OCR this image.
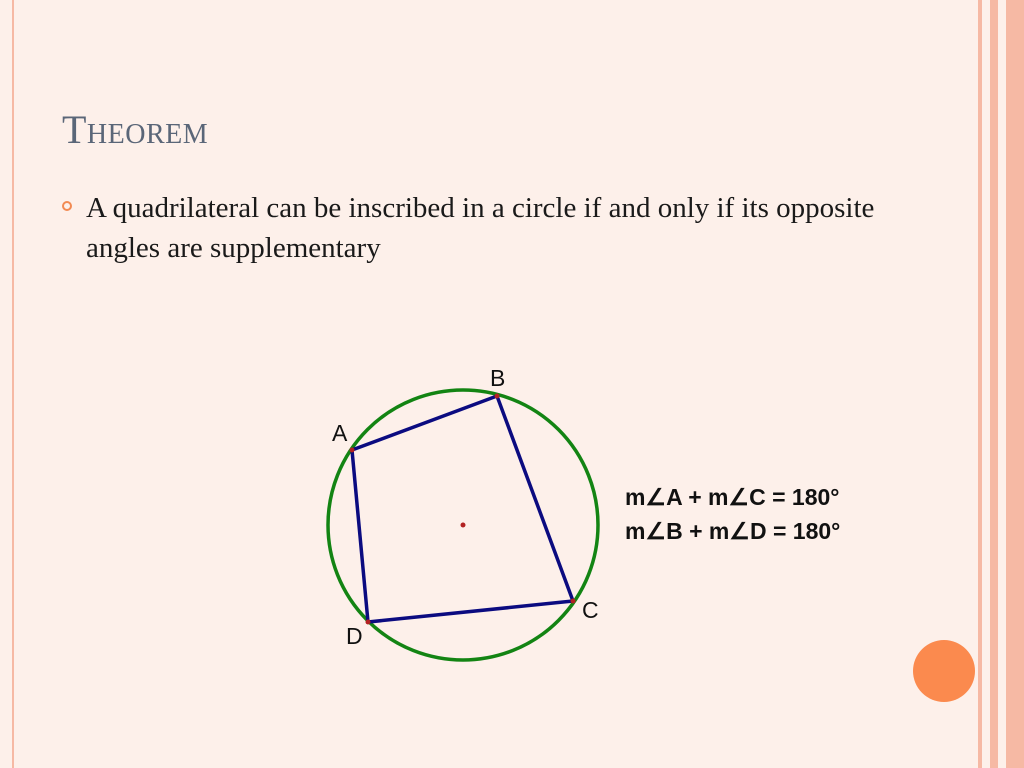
Theorem
A quadrilateral can be inscribed in a circle if and only if its opposite angles are supplementary
A
B
C
D
m∠A + m∠C = 180°
m∠B + m∠D = 180°
